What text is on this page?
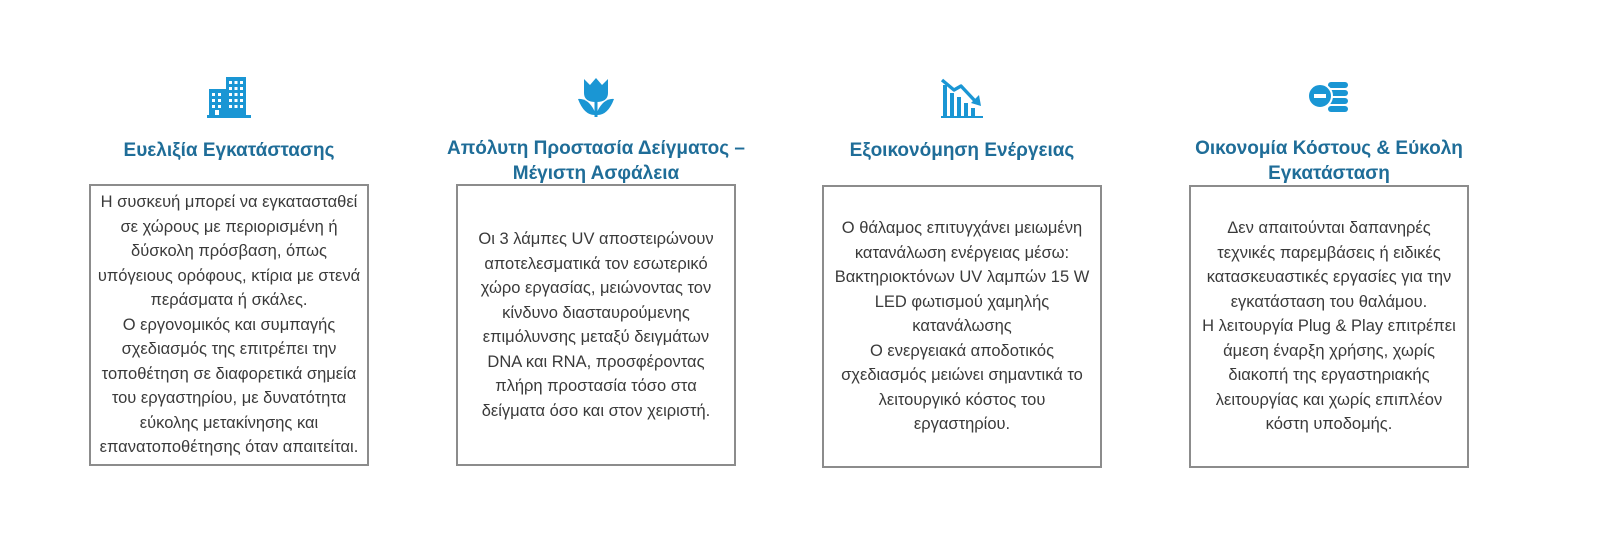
Ευελιξία Εγκατάστασης
Η συσκευή μπορεί να εγκατασταθεί
σε χώρους με περιορισμένη ή
δύσκολη πρόσβαση, όπως
υπόγειους ορόφους, κτίρια με στενά
περάσματα ή σκάλες.
Ο εργονομικός και συμπαγής
σχεδιασμός της επιτρέπει την
τοποθέτηση σε διαφορετικά σημεία
του εργαστηρίου, με δυνατότητα
εύκολης μετακίνησης και
επανατοποθέτησης όταν απαιτείται.
Απόλυτη Προστασία Δείγματος –
Μέγιστη Ασφάλεια
Οι 3 λάμπες UV αποστειρώνουν
αποτελεσματικά τον εσωτερικό
χώρο εργασίας, μειώνοντας τον
κίνδυνο διασταυρούμενης
επιμόλυνσης μεταξύ δειγμάτων
DNA και RNA, προσφέροντας
πλήρη προστασία τόσο στα
δείγματα όσο και στον χειριστή.
Εξοικονόμηση Ενέργειας
Ο θάλαμος επιτυγχάνει μειωμένη
κατανάλωση ενέργειας μέσω:
Βακτηριοκτόνων UV λαμπών 15 W
LED φωτισμού χαμηλής
κατανάλωσης
Ο ενεργειακά αποδοτικός
σχεδιασμός μειώνει σημαντικά το
λειτουργικό κόστος του
εργαστηρίου.
Οικονομία Κόστους & Εύκολη
Εγκατάσταση
Δεν απαιτούνται δαπανηρές
τεχνικές παρεμβάσεις ή ειδικές
κατασκευαστικές εργασίες για την
εγκατάσταση του θαλάμου.
Η λειτουργία Plug & Play επιτρέπει
άμεση έναρξη χρήσης, χωρίς
διακοπή της εργαστηριακής
λειτουργίας και χωρίς επιπλέον
κόστη υποδομής.
